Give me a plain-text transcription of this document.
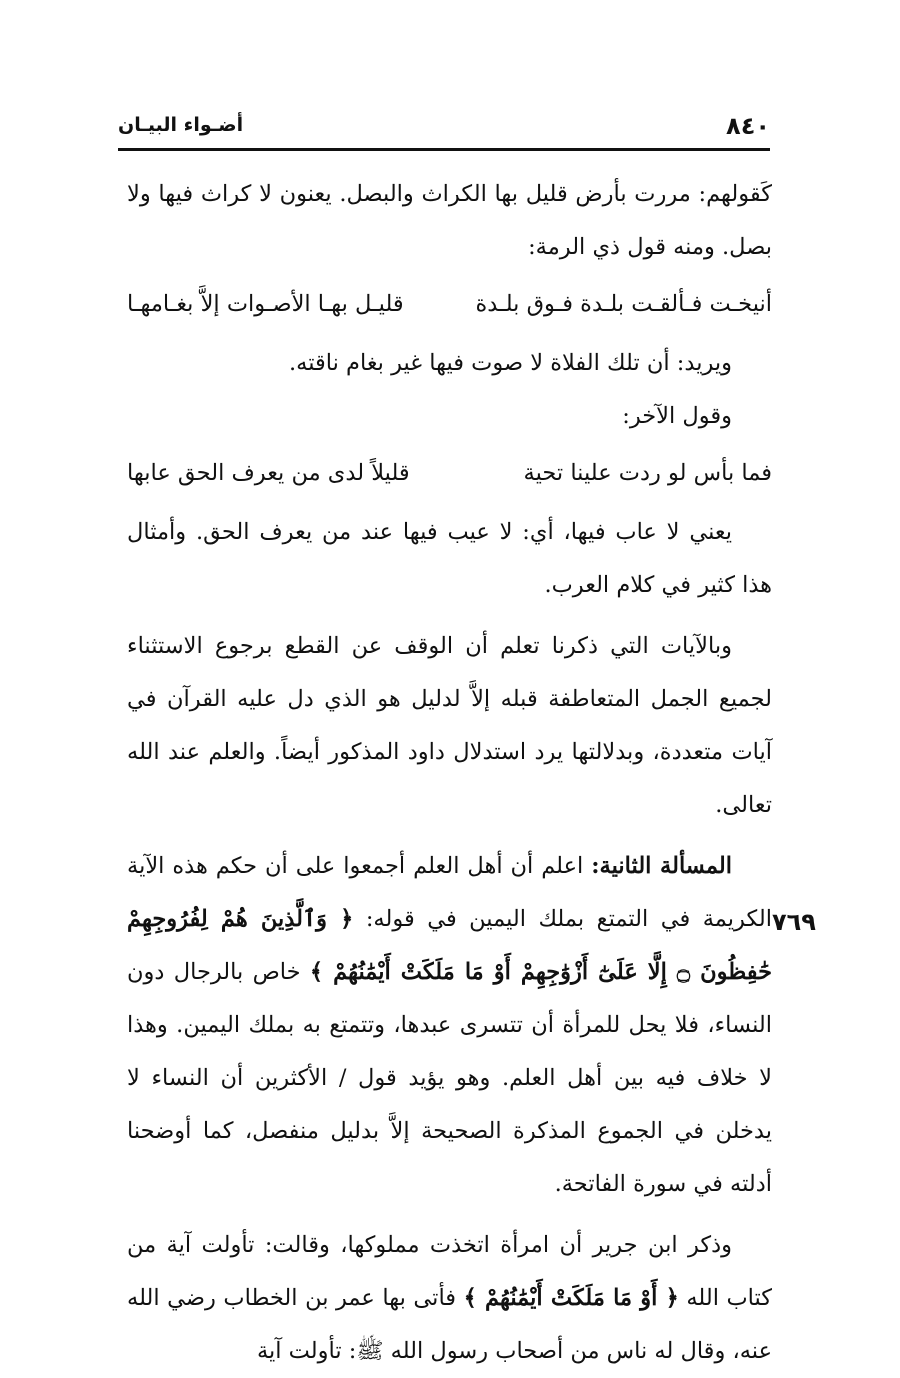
٨٤٠
أضـواء البيـان
٧٦٩

كَقولهم: مررت بأرض قليل بها الكراث والبصل. يعنون لا كراث فيها ولا بصل. ومنه قول ذي الرمة:

أنيخـت فـألقـت بلـدة فـوق بلـدة
قليـل بهـا الأصـوات إلاَّ بغـامهـا

ويريد: أن تلك الفلاة لا صوت فيها غير بغام ناقته.

وقول الآخر:

فما بأس لو ردت علينا تحية
قليلاً لدى من يعرف الحق عابها

يعني لا عاب فيها، أي: لا عيب فيها عند من يعرف الحق. وأمثال هذا كثير في كلام العرب.

وبالآيات التي ذكرنا تعلم أن الوقف عن القطع برجوع الاستثناء لجميع الجمل المتعاطفة قبله إلاَّ لدليل هو الذي دل عليه القرآن في آيات متعددة، وبدلالتها يرد استدلال داود المذكور أيضاً. والعلم عند الله تعالى.

المسألة الثانية: اعلم أن أهل العلم أجمعوا على أن حكم هذه الآية الكريمة في التمتع بملك اليمين في قوله: ﴿ وَٱلَّذِينَ هُمْ لِفُرُوجِهِمْ حَٰفِظُونَ ۝ إِلَّا عَلَىٰٓ أَزْوَٰجِهِمْ أَوْ مَا مَلَكَتْ أَيْمَٰنُهُمْ ﴾ خاص بالرجال دون النساء، فلا يحل للمرأة أن تتسرى عبدها، وتتمتع به بملك اليمين. وهذا لا خلاف فيه بين أهل العلم. وهو يؤيد قول / الأكثرين أن النساء لا يدخلن في الجموع المذكرة الصحيحة إلاَّ بدليل منفصل، كما أوضحنا أدلته في سورة الفاتحة.

وذكر ابن جرير أن امرأة اتخذت مملوكها، وقالت: تأولت آية من كتاب الله ﴿ أَوْ مَا مَلَكَتْ أَيْمَٰنُهُمْ ﴾ فأتى بها عمر بن الخطاب رضي الله عنه، وقال له ناس من أصحاب رسول الله ﷺ: تأولت آية
